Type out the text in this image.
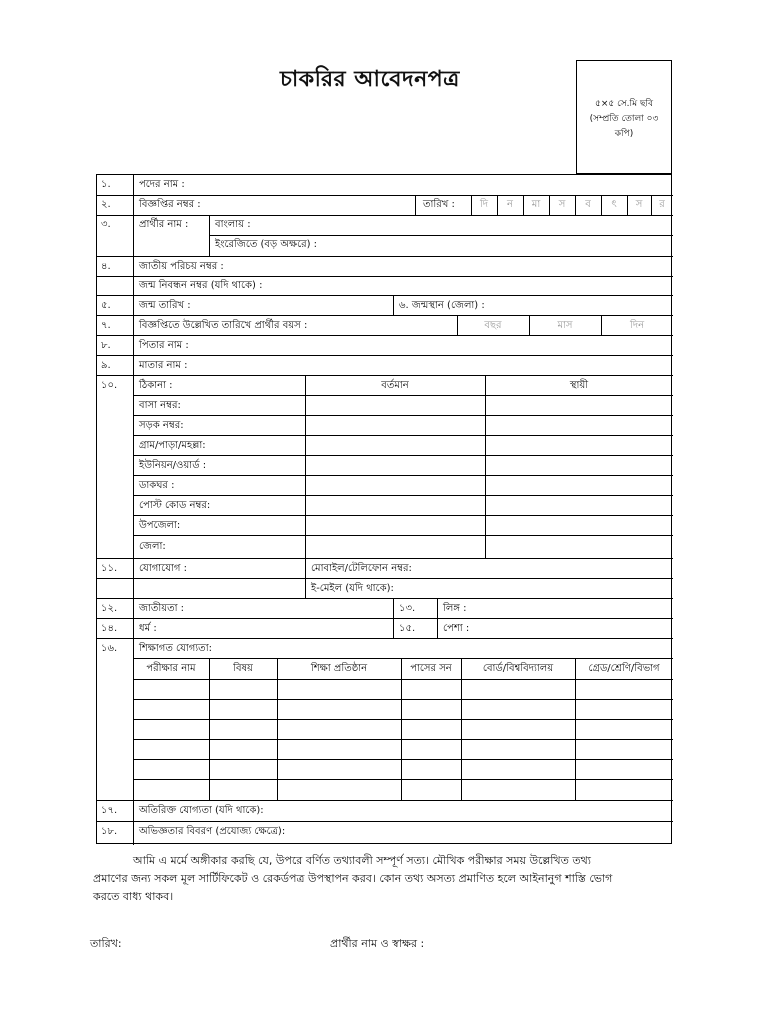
চাকরির আবেদনপত্র
৫×৫ সে.মি ছবি
(সম্প্রতি তোলা ০৩
কপি)
১.	পদের নাম :
২.	বিজ্ঞপ্তির নম্বর :	তারিখ :	দি	ন	মা	স	ব	ৎ	স	র
৩.	প্রার্থীর নাম :	বাংলায় :
ইংরেজিতে (বড় অক্ষরে) :
৪.	জাতীয় পরিচয় নম্বর :
জন্ম নিবন্ধন নম্বর (যদি থাকে) :
৫.	জন্ম তারিখ :	৬. জন্মস্থান (জেলা) :
৭.	বিজ্ঞপ্তিতে উল্লেখিত তারিখে প্রার্থীর বয়স :	বছর	মাস	দিন
৮.	পিতার নাম :
৯.	মাতার নাম :
১০. ঠিকানা :	বর্তমান	স্থায়ী
বাসা নম্বর:
সড়ক নম্বর:
গ্রাম/পাড়া/মহল্লা:
ইউনিয়ন/ওয়ার্ড :
ডাকঘর :
পোস্ট কোড নম্বর:
উপজেলা:
জেলা:
১১. যোগাযোগ :	মোবাইল/টেলিফোন নম্বর:
ই-মেইল (যদি থাকে):
১২. জাতীয়তা :	১৩.	লিঙ্গ :
১৪. ধর্ম :	১৫.	পেশা :
১৬. শিক্ষাগত যোগ্যতা:
পরীক্ষার নাম	বিষয়	শিক্ষা প্রতিষ্ঠান	পাসের সন	বোর্ড/বিশ্ববিদ্যালয়	গ্রেড/শ্রেণি/বিভাগ
১৭. অতিরিক্ত যোগ্যতা (যদি থাকে):
১৮. অভিজ্ঞতার বিবরণ (প্রযোজ্য ক্ষেত্রে):
আমি এ মর্মে অঙ্গীকার করছি যে, উপরে বর্ণিত তথ্যাবলী সম্পূর্ণ সত্য। মৌখিক পরীক্ষার সময় উল্লেখিত তথ্য
প্রমাণের জন্য সকল মূল সার্টিফিকেট ও রেকর্ডপত্র উপস্থাপন করব। কোন তথ্য অসত্য প্রমাণিত হলে আইনানুগ শাস্তি ভোগ
করতে বাধ্য থাকব।
তারিখ:	প্রার্থীর নাম ও স্বাক্ষর :
